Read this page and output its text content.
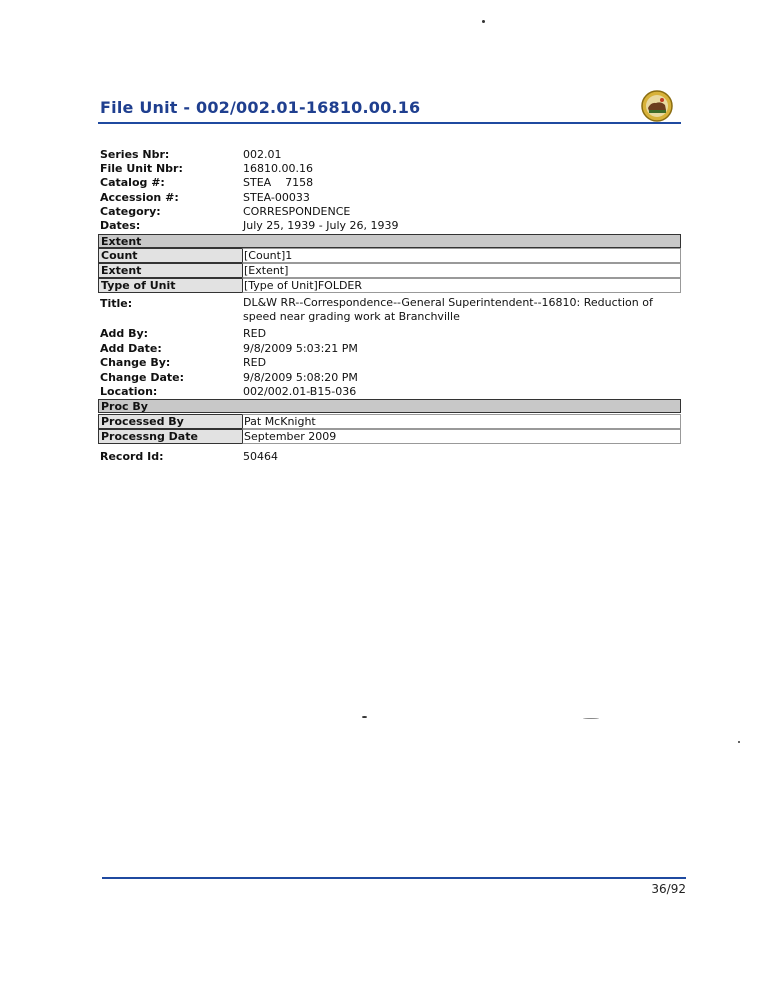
File Unit - 002/002.01-16810.00.16
Series Nbr:	002.01
File Unit Nbr:	16810.00.16
Catalog #:	STEA    7158
Accession #:	STEA-00033
Category:	CORRESPONDENCE
Dates:	July 25, 1939 - July 26, 1939
Extent
Count	[Count]1
Extent	[Extent]
Type of Unit	[Type of Unit]FOLDER
Title:	DL&W RR--Correspondence--General Superintendent--16810: Reduction of speed near grading work at Branchville
Add By:	RED
Add Date:	9/8/2009 5:03:21 PM
Change By:	RED
Change Date:	9/8/2009 5:08:20 PM
Location:	002/002.01-B15-036
Proc By
Processed By	Pat McKnight
Processng Date	September 2009
Record Id:	50464
36/92
